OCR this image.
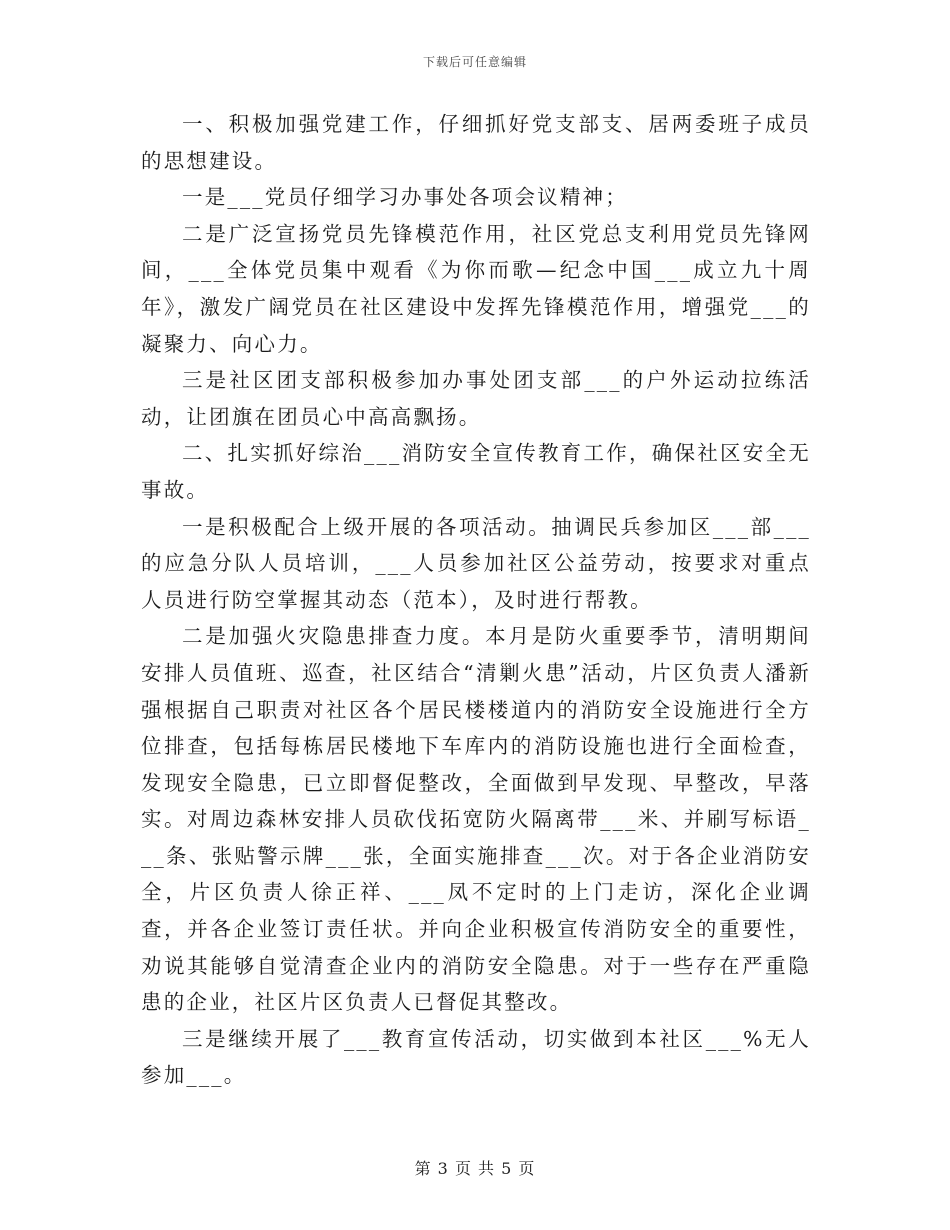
下载后可任意编辑

一、积极加强党建工作，仔细抓好党支部支、居两委班子成员的思想建设。

一是___党员仔细学习办事处各项会议精神；

二是广泛宣扬党员先锋模范作用，社区党总支利用党员先锋网间，___全体党员集中观看《为你而歌—纪念中国___成立九十周年》，激发广阔党员在社区建设中发挥先锋模范作用，增强党___的凝聚力、向心力。

三是社区团支部积极参加办事处团支部___的户外运动拉练活动，让团旗在团员心中高高飘扬。

二、扎实抓好综治___消防安全宣传教育工作，确保社区安全无事故。

一是积极配合上级开展的各项活动。抽调民兵参加区___部___的应急分队人员培训，___人员参加社区公益劳动，按要求对重点人员进行防空掌握其动态（范本），及时进行帮教。

二是加强火灾隐患排查力度。本月是防火重要季节，清明期间安排人员值班、巡查，社区结合“清剿火患”活动，片区负责人潘新强根据自己职责对社区各个居民楼楼道内的消防安全设施进行全方位排查，包括每栋居民楼地下车库内的消防设施也进行全面检查，发现安全隐患，已立即督促整改，全面做到早发现、早整改，早落实。对周边森林安排人员砍伐拓宽防火隔离带___米、并刷写标语___条、张贴警示牌___张，全面实施排查___次。对于各企业消防安全，片区负责人徐正祥、___凤不定时的上门走访，深化企业调查，并各企业签订责任状。并向企业积极宣传消防安全的重要性，劝说其能够自觉清查企业内的消防安全隐患。对于一些存在严重隐患的企业，社区片区负责人已督促其整改。

三是继续开展了___教育宣传活动，切实做到本社区___%无人参加___。

第 3 页 共 5 页
